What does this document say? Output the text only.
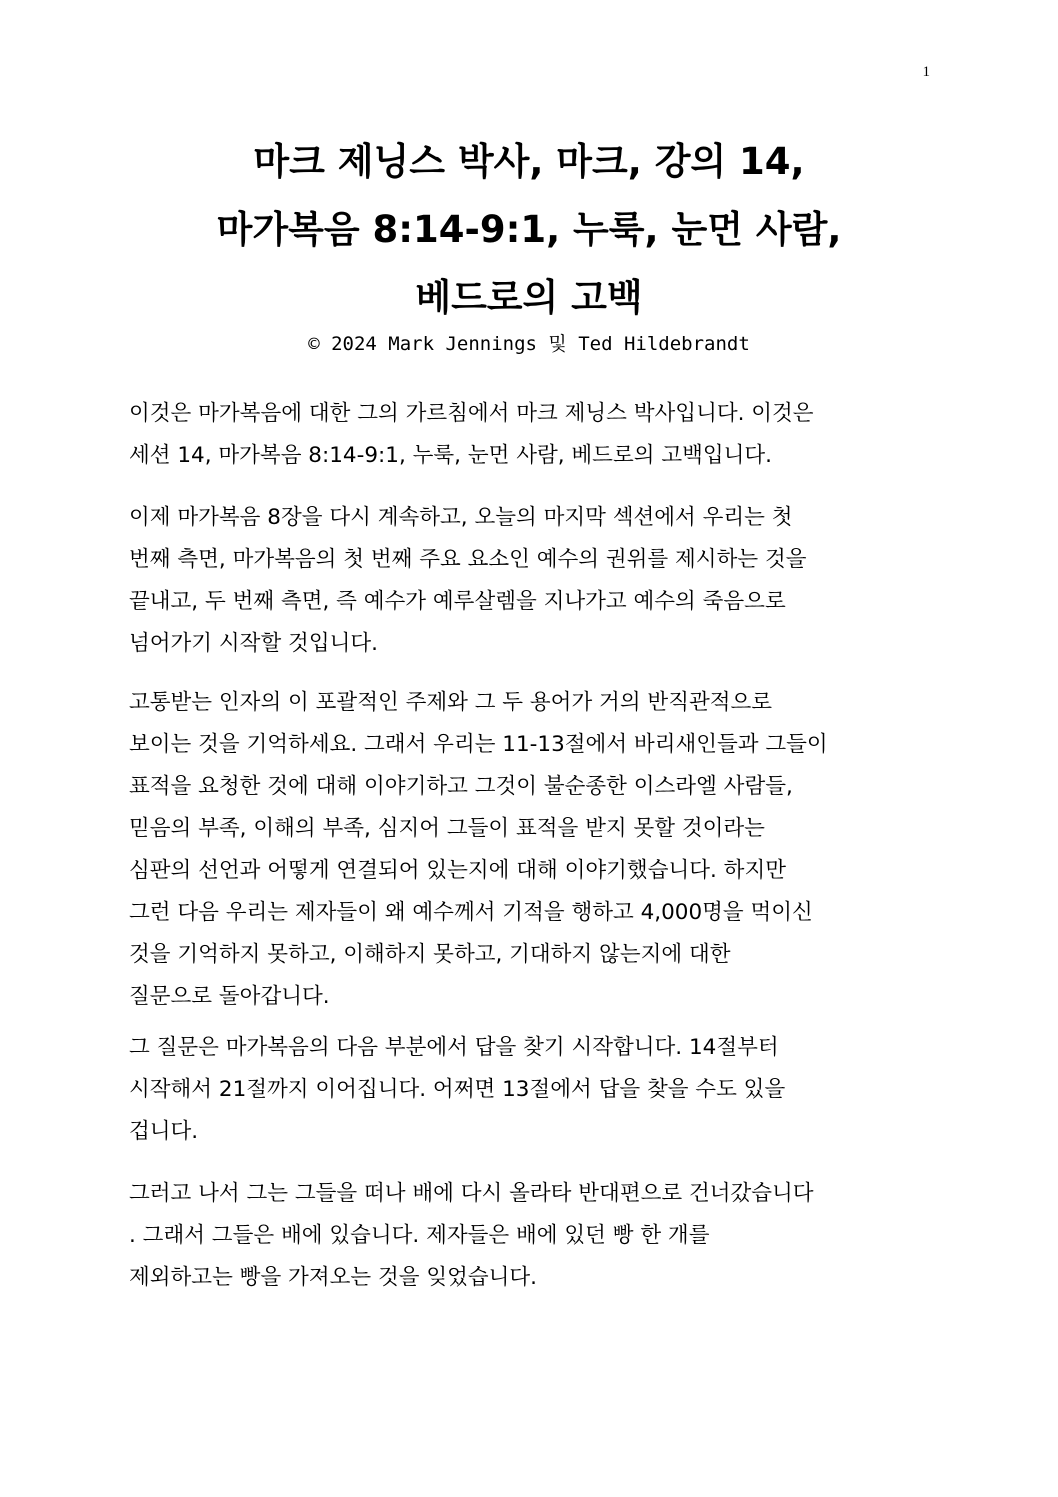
1
마크 제닝스 박사, 마크, 강의 14,
마가복음 8:14-9:1, 누룩, 눈먼 사람,
베드로의 고백
© 2024 Mark Jennings 및 Ted Hildebrandt

이것은 마가복음에 대한 그의 가르침에서 마크 제닝스 박사입니다. 이것은
세션 14, 마가복음 8:14-9:1, 누룩, 눈먼 사람, 베드로의 고백입니다.

이제 마가복음 8장을 다시 계속하고, 오늘의 마지막 섹션에서 우리는 첫
번째 측면, 마가복음의 첫 번째 주요 요소인 예수의 권위를 제시하는 것을
끝내고, 두 번째 측면, 즉 예수가 예루살렘을 지나가고 예수의 죽음으로
넘어가기 시작할 것입니다.

고통받는 인자의 이 포괄적인 주제와 그 두 용어가 거의 반직관적으로
보이는 것을 기억하세요. 그래서 우리는 11-13절에서 바리새인들과 그들이
표적을 요청한 것에 대해 이야기하고 그것이 불순종한 이스라엘 사람들,
믿음의 부족, 이해의 부족, 심지어 그들이 표적을 받지 못할 것이라는
심판의 선언과 어떻게 연결되어 있는지에 대해 이야기했습니다. 하지만
그런 다음 우리는 제자들이 왜 예수께서 기적을 행하고 4,000명을 먹이신
것을 기억하지 못하고, 이해하지 못하고, 기대하지 않는지에 대한
질문으로 돌아갑니다.

그 질문은 마가복음의 다음 부분에서 답을 찾기 시작합니다. 14절부터
시작해서 21절까지 이어집니다. 어쩌면 13절에서 답을 찾을 수도 있을
겁니다.

그러고 나서 그는 그들을 떠나 배에 다시 올라타 반대편으로 건너갔습니다
. 그래서 그들은 배에 있습니다. 제자들은 배에 있던 빵 한 개를
제외하고는 빵을 가져오는 것을 잊었습니다.
